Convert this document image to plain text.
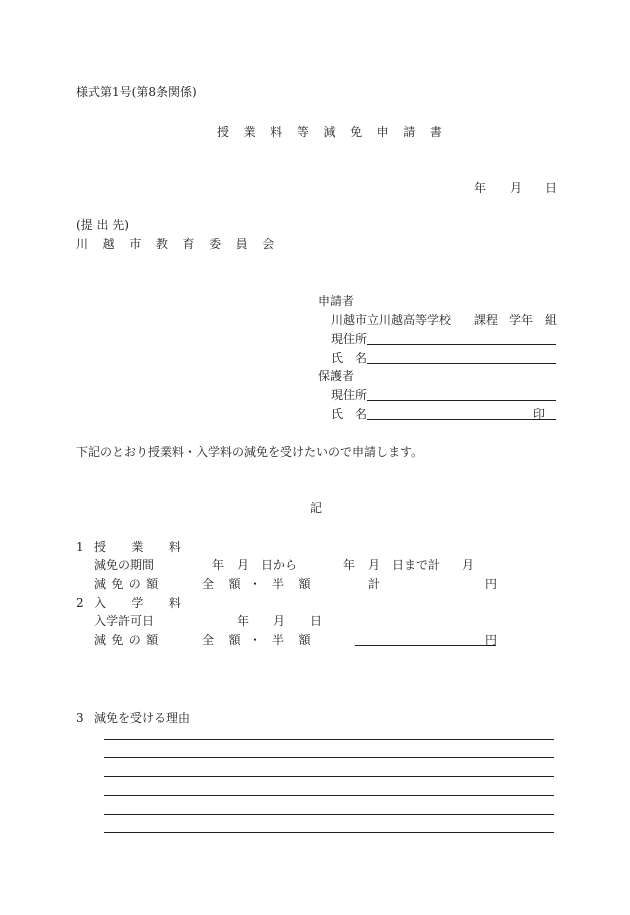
様式第1号(第8条関係)
授 業 料 等 減 免 申 請 書
年 月 日
(提 出 先)
川 越 市 教 育 委 員 会
申請者
川越市立川越高等学校 課程 学年 組
現住所
氏　名
保護者
現住所
氏　名	印
下記のとおり授業料・入学料の減免を受けたいので申請します。
記
1 授 業 料
減免の期間	年 月 日から	年 月 日まで計 月
減免の額	全 額 ・ 半 額	計	円
2 入 学 料
入学許可日	年 月 日
減免の額	全 額 ・ 半 額	円
3 減免を受ける理由
